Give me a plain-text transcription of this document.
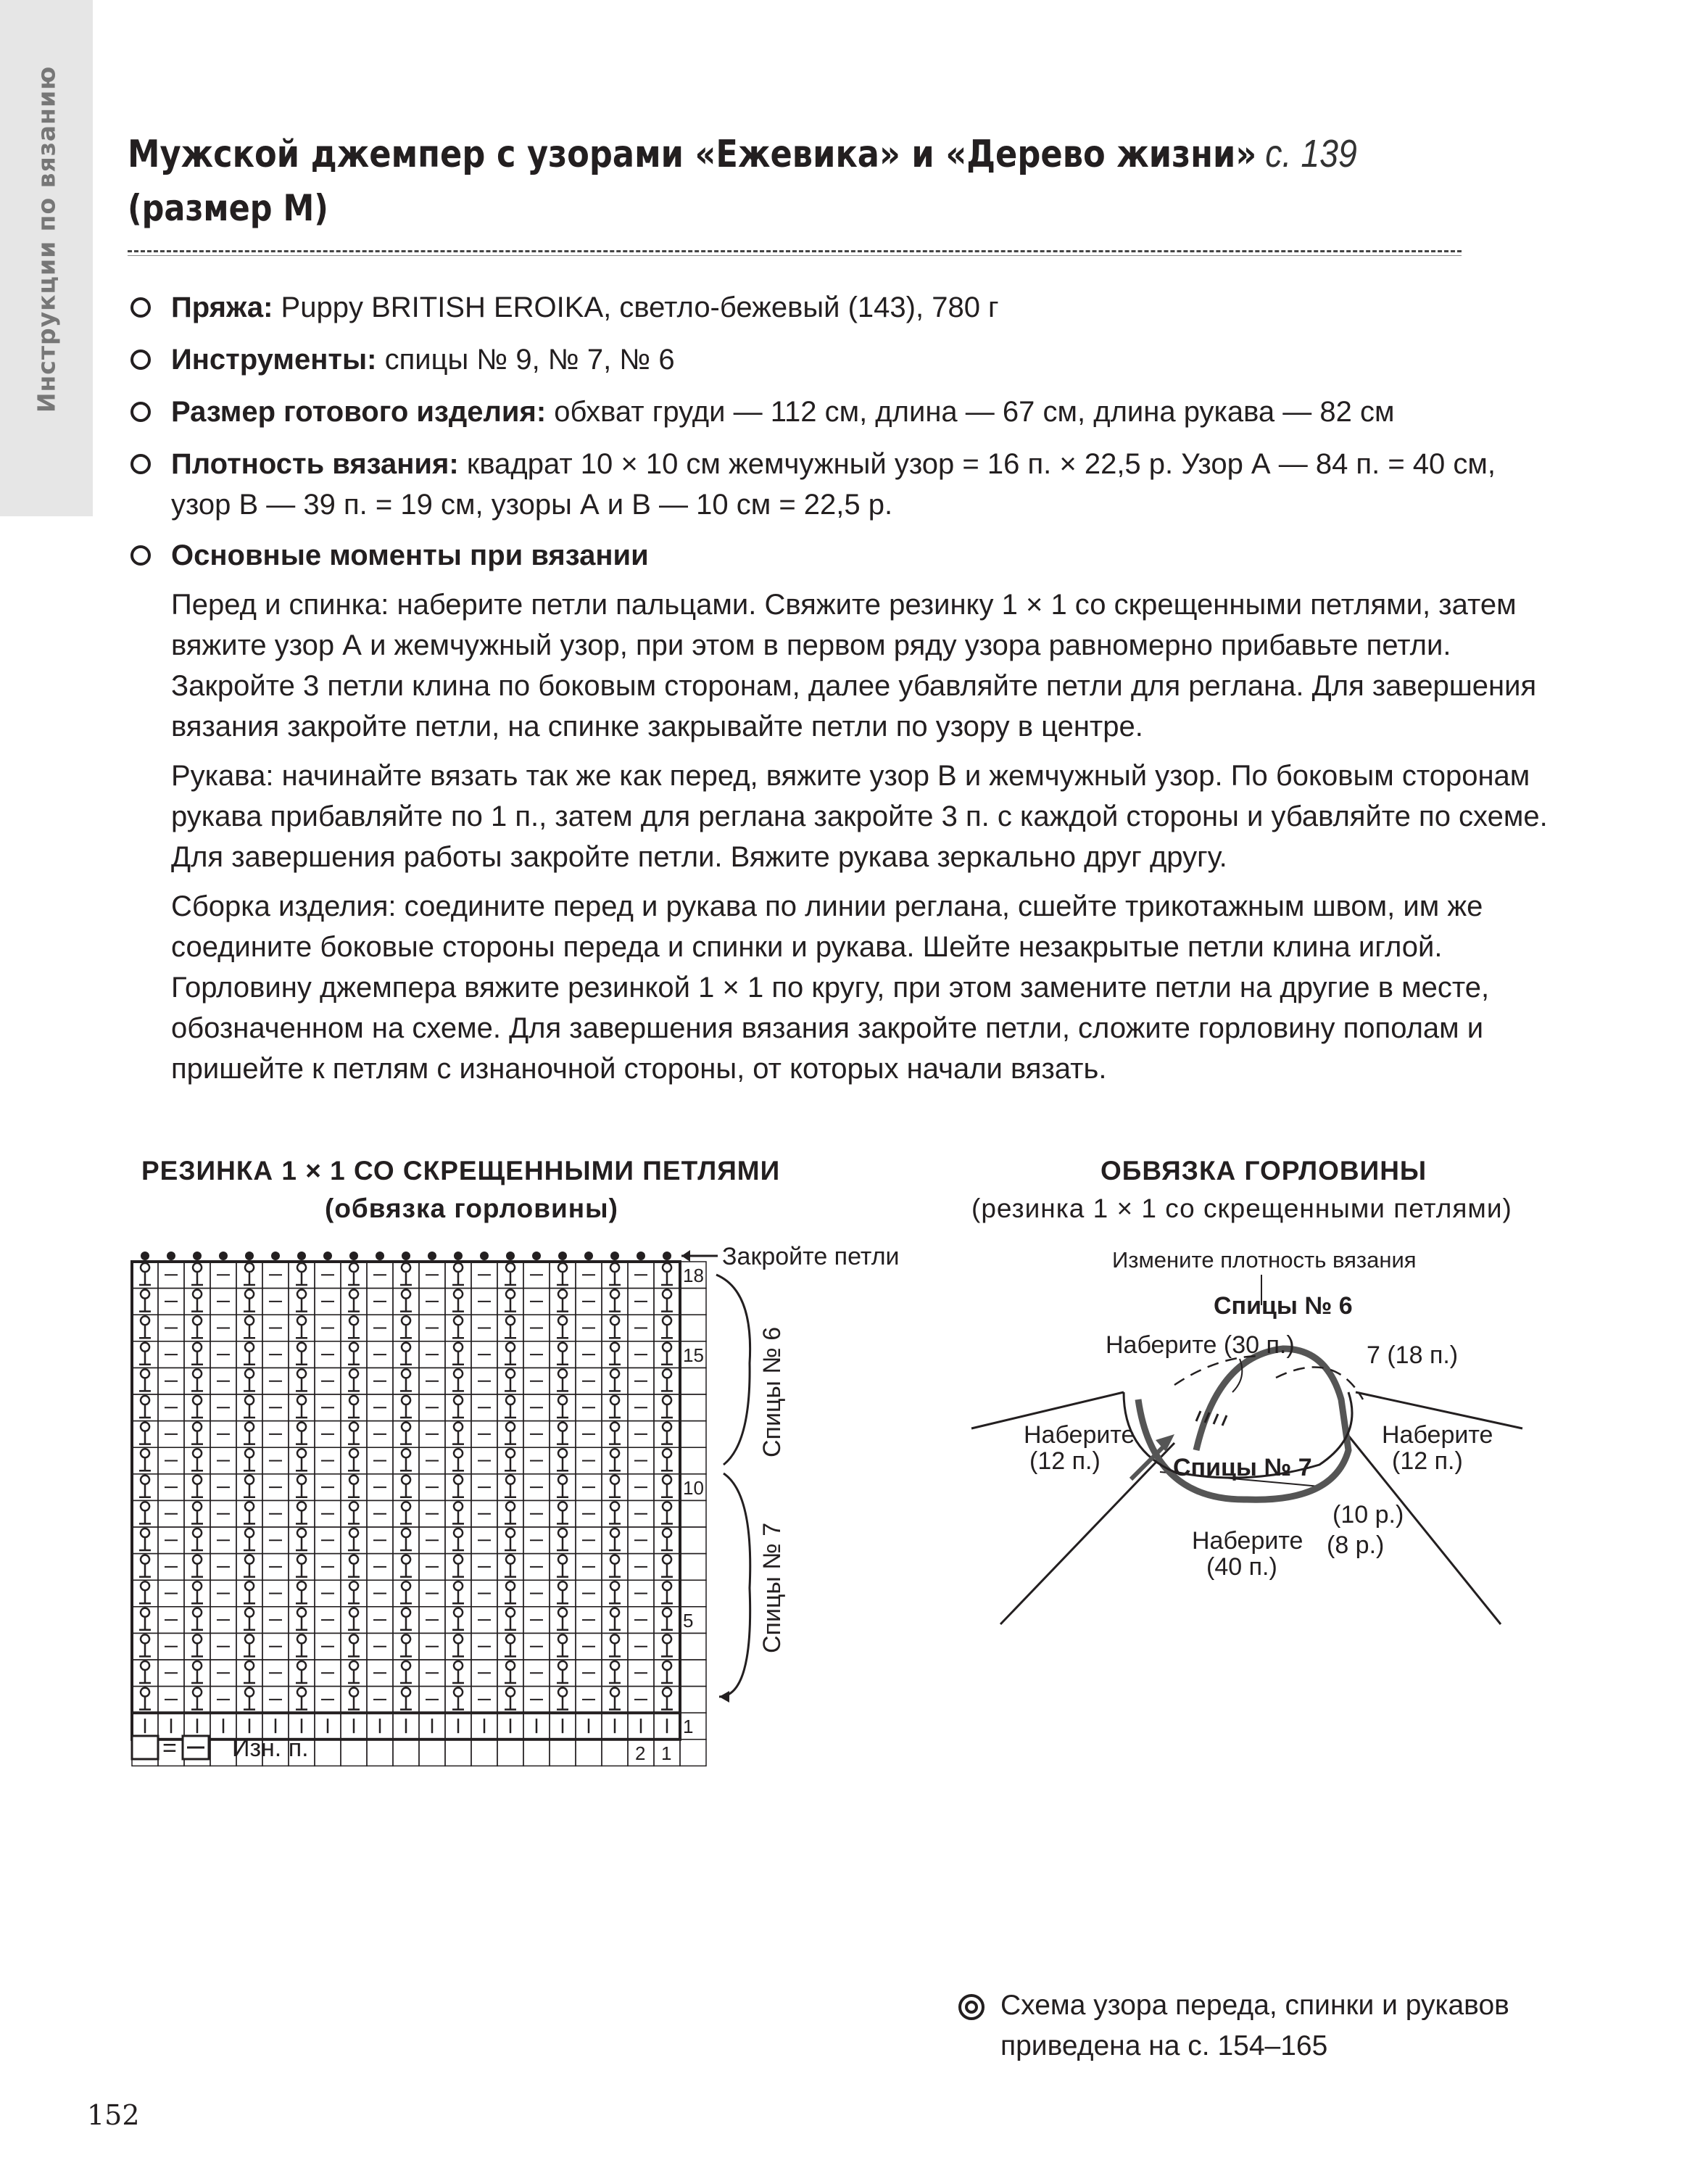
Инструкции по вязанию Мужской джемпер с узорами «Ежевика» и «Дерево жизни» с. 139
(размер М)
Пряжа: Puppy BRITISH EROIKA, светло-бежевый (143), 780 г
Инструменты: спицы № 9, № 7, № 6
Размер готового изделия: обхват груди — 112 см, длина — 67 см, длина рукава — 82 см
Плотность вязания: квадрат 10 × 10 см жемчужный узор = 16 п. × 22,5 р. Узор А — 84 п. = 40 см, узор В — 39 п. = 19 см, узоры А и В — 10 см = 22,5 р.
Основные моменты при вязании
Перед и спинка: наберите петли пальцами. Свяжите резинку 1 × 1 со скрещенными петлями, затем вяжите узор А и жемчужный узор, при этом в первом ряду узора равномерно прибавьте петли. Закройте 3 петли клина по боковым сторонам, далее убавляйте петли для реглана. Для завершения вязания закройте петли, на спинке закрывайте петли по узору в центре.
Рукава: начинайте вязать так же как перед, вяжите узор В и жемчужный узор. По боковым сторонам рукава прибавляйте по 1 п., затем для реглана закройте 3 п. с каждой стороны и убавляйте по схеме. Для завершения работы закройте петли. Вяжите рукава зеркально друг другу.
Сборка изделия: соедините перед и рукава по линии реглана, сшейте трикотажным швом, им же соедините боковые стороны переда и спинки и рукава. Шейте незакрытые петли клина иглой. Горловину джемпера вяжите резинкой 1 × 1 по кругу, при этом замените петли на другие в месте, обозначенном на схеме. Для завершения вязания закройте петли, сложите горловину пополам и пришейте к петлям с изнаночной стороны, от которых начали вязать.
РЕЗИНКА 1 × 1 СО СКРЕЩЕННЫМИ ПЕТЛЯМИ
(обвязка горловины)
18
15
10
5
1
2 1
Закройте петли
Спицы № 6
Спицы № 7
= Изн. п.
ОБВЯЗКА ГОРЛОВИНЫ
(резинка 1 × 1 со скрещенными петлями)
Измените плотность вязания
Спицы № 6
Наберите (30 п.)	7 (18 п.)
Наберите
(12 п.)
Наберите
(12 п.)
Спицы № 7
(10 р.)
(8 р.)
Наберите
(40 п.)
Схема узора переда, спинки и рукавов
приведена на с. 154–165
152
